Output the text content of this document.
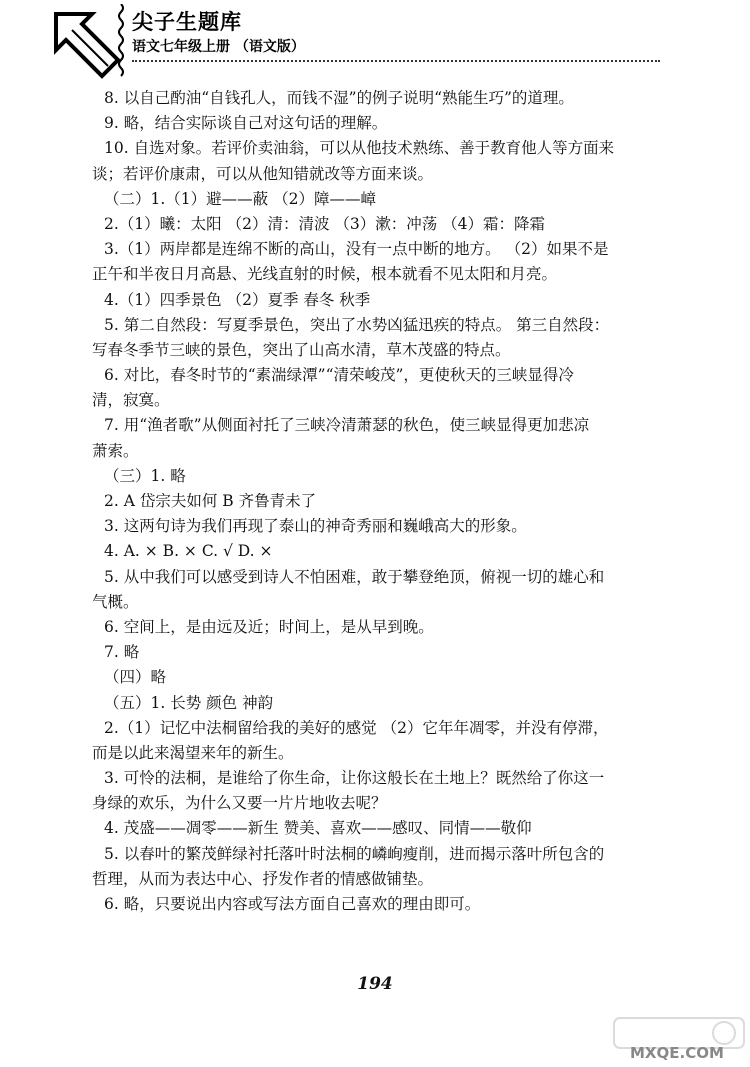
尖子生题库
语文七年级上册 （语文版）
8. 以自己酌油“自钱孔人，而钱不湿”的例子说明“熟能生巧”的道理。
9. 略，结合实际谈自己对这句话的理解。
10. 自选对象。若评价卖油翁，可以从他技术熟练、善于教育他人等方面来
谈；若评价康肃，可以从他知错就改等方面来谈。
（二）1.（1）避——蔽 （2）障——嶂
2.（1）曦：太阳 （2）清：清波 （3）漱：冲荡 （4）霜：降霜
3.（1）两岸都是连绵不断的高山，没有一点中断的地方。 （2）如果不是
正午和半夜日月高悬、光线直射的时候，根本就看不见太阳和月亮。
4.（1）四季景色 （2）夏季 春冬 秋季
5. 第二自然段：写夏季景色，突出了水势凶猛迅疾的特点。 第三自然段：
写春冬季节三峡的景色，突出了山高水清，草木茂盛的特点。
6. 对比，春冬时节的“素湍绿潭”“清荣峻茂”，更使秋天的三峡显得冷
清，寂寞。
7. 用“渔者歌”从侧面衬托了三峡冷清萧瑟的秋色，使三峡显得更加悲凉
萧索。
（三）1. 略
2. A 岱宗夫如何 B 齐鲁青未了
3. 这两句诗为我们再现了泰山的神奇秀丽和巍峨高大的形象。
4. A. × B. × C. √ D. ×
5. 从中我们可以感受到诗人不怕困难，敢于攀登绝顶，俯视一切的雄心和
气概。
6. 空间上，是由远及近；时间上，是从早到晚。
7. 略
（四）略
（五）1. 长势 颜色 神韵
2.（1）记忆中法桐留给我的美好的感觉 （2）它年年凋零，并没有停滞，
而是以此来渴望来年的新生。
3. 可怜的法桐，是谁给了你生命，让你这般长在土地上？既然给了你这一
身绿的欢乐，为什么又要一片片地收去呢？
4. 茂盛——凋零——新生 赞美、喜欢——感叹、同情——敬仰
5. 以春叶的繁茂鲜绿衬托落叶时法桐的嶙峋瘦削，进而揭示落叶所包含的
哲理，从而为表达中心、抒发作者的情感做铺垫。
6. 略，只要说出内容或写法方面自己喜欢的理由即可。
194
MXQE.COM
